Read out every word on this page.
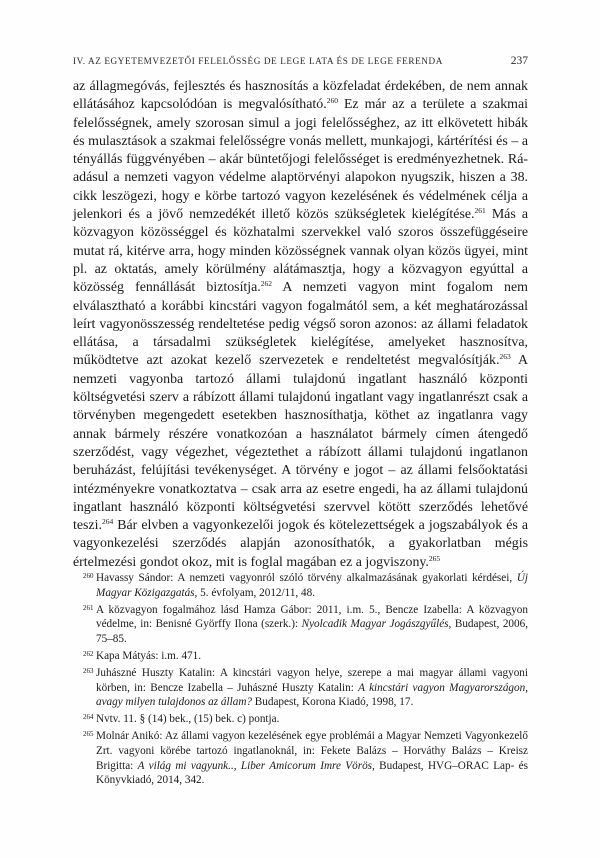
IV. AZ EGYETEMVEZETŐI FELELŐSSÉG DE LEGE LATA ÉS DE LEGE FERENDA	237

az állagmegóvás, fejlesztés és hasznosítás a közfeladat érdekében, de nem annak ellátásához kapcsolódóan is megvalósítható.$^{260}$ Ez már az a területe a szakmai felelősségnek, amely szorosan simul a jogi felelősséghez, az itt elkövetett hibák és mulasztások a szakmai felelősségre vonás mellett, munkajogi, kártérítési és – a tényállás függvényében – akár büntetőjogi felelősséget is eredményezhetnek. Ráadásul a nemzeti vagyon védelme alaptörvényi alapokon nyugszik, hiszen a 38. cikk leszögezi, hogy e körbe tartozó vagyon kezelésének és védelmének célja a jelenkori és a jövő nemzedékét illető közös szükségletek kielégítése.$^{261}$ Más a közvagyon közösséggel és közhatalmi szervekkel való szoros összefüggéseire mutat rá, kitérve arra, hogy minden közösségnek vannak olyan közös ügyei, mint pl. az oktatás, amely körülmény alátámasztja, hogy a közvagyon egyúttal a közösség fennállását biztosítja.$^{262}$ A nemzeti vagyon mint fogalom nem elválasztható a korábbi kincstári vagyon fogalmától sem, a két meghatározással leírt vagyonösszesség rendeltetése pedig végső soron azonos: az állami feladatok ellátása, a társadalmi szükségletek kielégítése, amelyeket hasznosítva, működtetve azt azokat kezelő szervezetek e rendeltetést megvalósítják.$^{263}$ A nemzeti vagyonba tartozó állami tulajdonú ingatlant használó központi költségvetési szerv a rábízott állami tulajdonú ingatlant vagy ingatlanrészt csak a törvényben megengedett esetekben hasznosíthatja, köthet az ingatlanra vagy annak bármely részére vonatkozóan a használatot bármely címen átengedő szerződést, vagy végezhet, végeztethet a rábízott állami tulajdonú ingatlanon beruházást, felújítási tevékenységet. A törvény e jogot – az állami felsőoktatási intézményekre vonatkoztatva – csak arra az esetre engedi, ha az állami tulajdonú ingatlant használó központi költségvetési szervvel kötött szerződés lehetővé teszi.$^{264}$ Bár elvben a vagyonkezelői jogok és kötelezettségek a jogszabályok és a vagyonkezelési szerződés alapján azonosíthatók, a gyakorlatban mégis értelmezési gondot okoz, mit is foglal magában ez a jogviszony.$^{265}$

260 Havassy Sándor: A nemzeti vagyonról szóló törvény alkalmazásának gyakorlati kérdései, Új Magyar Közigazgatás, 5. évfolyam, 2012/11, 48.

261 A közvagyon fogalmához lásd Hamza Gábor: 2011, i.m. 5., Bencze Izabella: A közvagyon védelme, in: Benisné Györffy Ilona (szerk.): Nyolcadik Magyar Jogászgyűlés, Budapest, 2006, 75–85.

262 Kapa Mátyás: i.m. 471.

263 Juhászné Huszty Katalin: A kincstári vagyon helye, szerepe a mai magyar állami vagyoni körben, in: Bencze Izabella – Juhászné Huszty Katalin: A kincstári vagyon Magyarországon, avagy milyen tulajdonos az állam? Budapest, Korona Kiadó, 1998, 17.

264 Nvtv. 11. § (14) bek., (15) bek. c) pontja.

265 Molnár Anikó: Az állami vagyon kezelésének egye problémái a Magyar Nemzeti Vagyonkezelő Zrt. vagyoni körébe tartozó ingatlanoknál, in: Fekete Balázs – Horváthy Balázs – Kreisz Brigitta: A világ mi vagyunk.., Liber Amicorum Imre Vörös, Budapest, HVG–ORAC Lap- és Könyvkiadó, 2014, 342.
